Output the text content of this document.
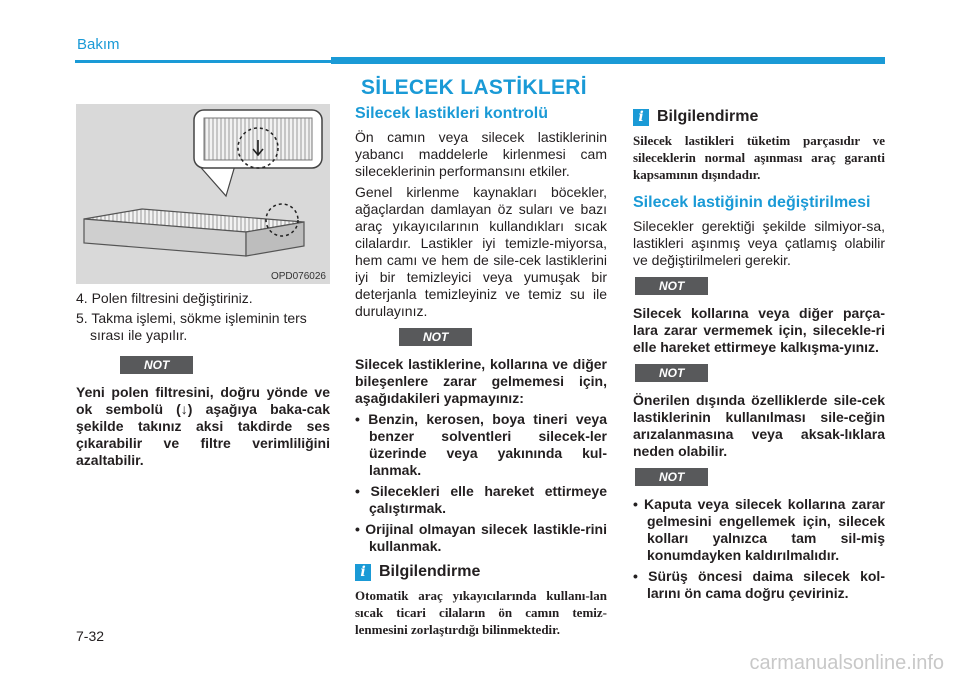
Bakım
SİLECEK LASTİKLERİ
OPD076026
4. Polen filtresini değiştiriniz.
5. Takma işlemi, sökme işleminin ters sırası ile yapılır.
NOT

Yeni polen filtresini, doğru yönde ve ok sembolü (↓) aşağıya baka-cak şekilde takınız aksi takdirde ses çıkarabilir ve filtre verimliliğini azaltabilir.

Silecek lastikleri kontrolü

Ön camın veya silecek lastiklerinin yabancı maddelerle kirlenmesi cam sileceklerinin performansını etkiler.

Genel kirlenme kaynakları böcekler, ağaçlardan damlayan öz suları ve bazı araç yıkayıcılarının kullandıkları sıcak cilalardır. Lastikler iyi temizle-miyorsa, hem camı ve hem de sile-cek lastiklerini iyi bir temizleyici veya yumuşak bir deterjanla temizleyiniz ve temiz su ile durulayınız.

NOT

Silecek lastiklerine, kollarına ve diğer bileşenlere zarar gelmemesi için, aşağıdakileri yapmayınız:

• Benzin, kerosen, boya tineri veya benzer solventleri silecek-ler üzerinde veya yakınında kul-lanmak.
• Silecekleri elle hareket ettirmeye çalıştırmak.
• Orijinal olmayan silecek lastikle-rini kullanmak.
i Bilgilendirme

Otomatik araç yıkayıcılarında kullanı-lan sıcak ticari cilaların ön camın temiz-lenmesini zorlaştırdığı bilinmektedir.

i Bilgilendirme

Silecek lastikleri tüketim parçasıdır ve sileceklerin normal aşınması araç garanti kapsamının dışındadır.

Silecek lastiğinin değiştirilmesi

Silecekler gerektiği şekilde silmiyor-sa, lastikleri aşınmış veya çatlamış olabilir ve değiştirilmeleri gerekir.

NOT

Silecek kollarına veya diğer parça-lara zarar vermemek için, silecekle-ri elle hareket ettirmeye kalkışma-yınız.

NOT

Önerilen dışında özelliklerde sile-cek lastiklerinin kullanılması sile-ceğin arızalanmasına veya aksak-lıklara neden olabilir.

NOT
• Kaputa veya silecek kollarına zarar gelmesini engellemek için, silecek kolları yalnızca tam sil-miş konumdayken kaldırılmalıdır.
• Sürüş öncesi daima silecek kol-larını ön cama doğru çeviriniz.
7-32
carmanualsonline.info
